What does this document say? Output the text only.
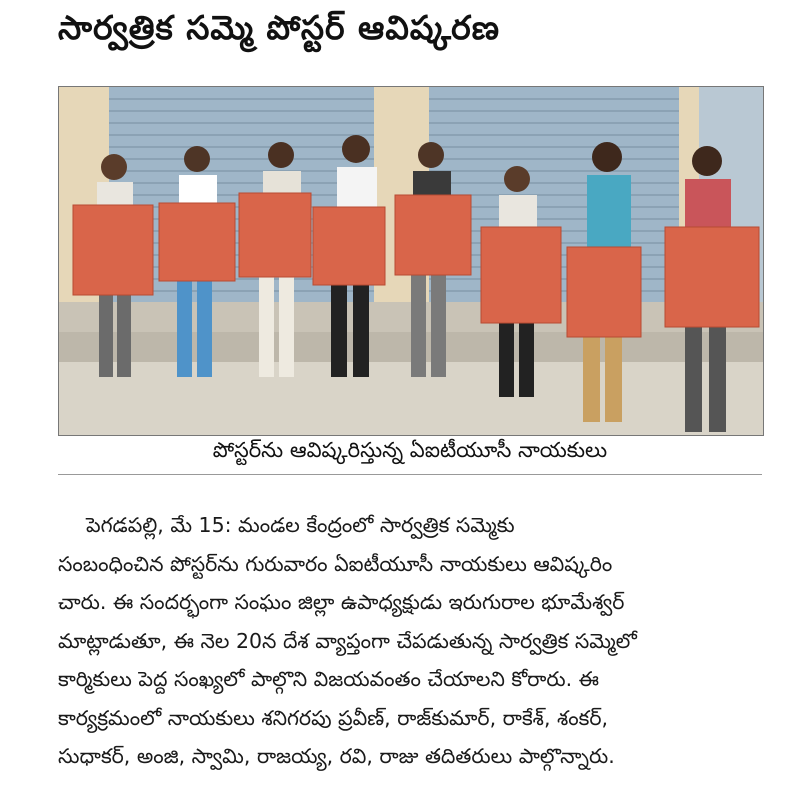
సార్వత్రిక సమ్మె పోస్టర్ ఆవిష్కరణ
పోస్టర్‌ను ఆవిష్కరిస్తున్న ఏఐటీయూసీ నాయకులు
పెగడపల్లి, మే 15: మండల కేంద్రంలో సార్వత్రిక సమ్మెకు
సంబంధించిన పోస్టర్‌ను గురువారం ఏఐటీయూసీ నాయకులు ఆవిష్కరిం
చారు. ఈ సందర్భంగా సంఘం జిల్లా ఉపాధ్యక్షుడు ఇరుగురాల భూమేశ్వర్
మాట్లాడుతూ, ఈ నెల 20న దేశ వ్యాప్తంగా చేపడుతున్న సార్వత్రిక సమ్మెలో
కార్మికులు పెద్ద సంఖ్యలో పాల్గొని విజయవంతం చేయాలని కోరారు. ఈ
కార్యక్రమంలో నాయకులు శనిగరపు ప్రవీణ్, రాజ్‌కుమార్, రాకేశ్, శంకర్,
సుధాకర్, అంజి, స్వామి, రాజయ్య, రవి, రాజు తదితరులు పాల్గొన్నారు.
